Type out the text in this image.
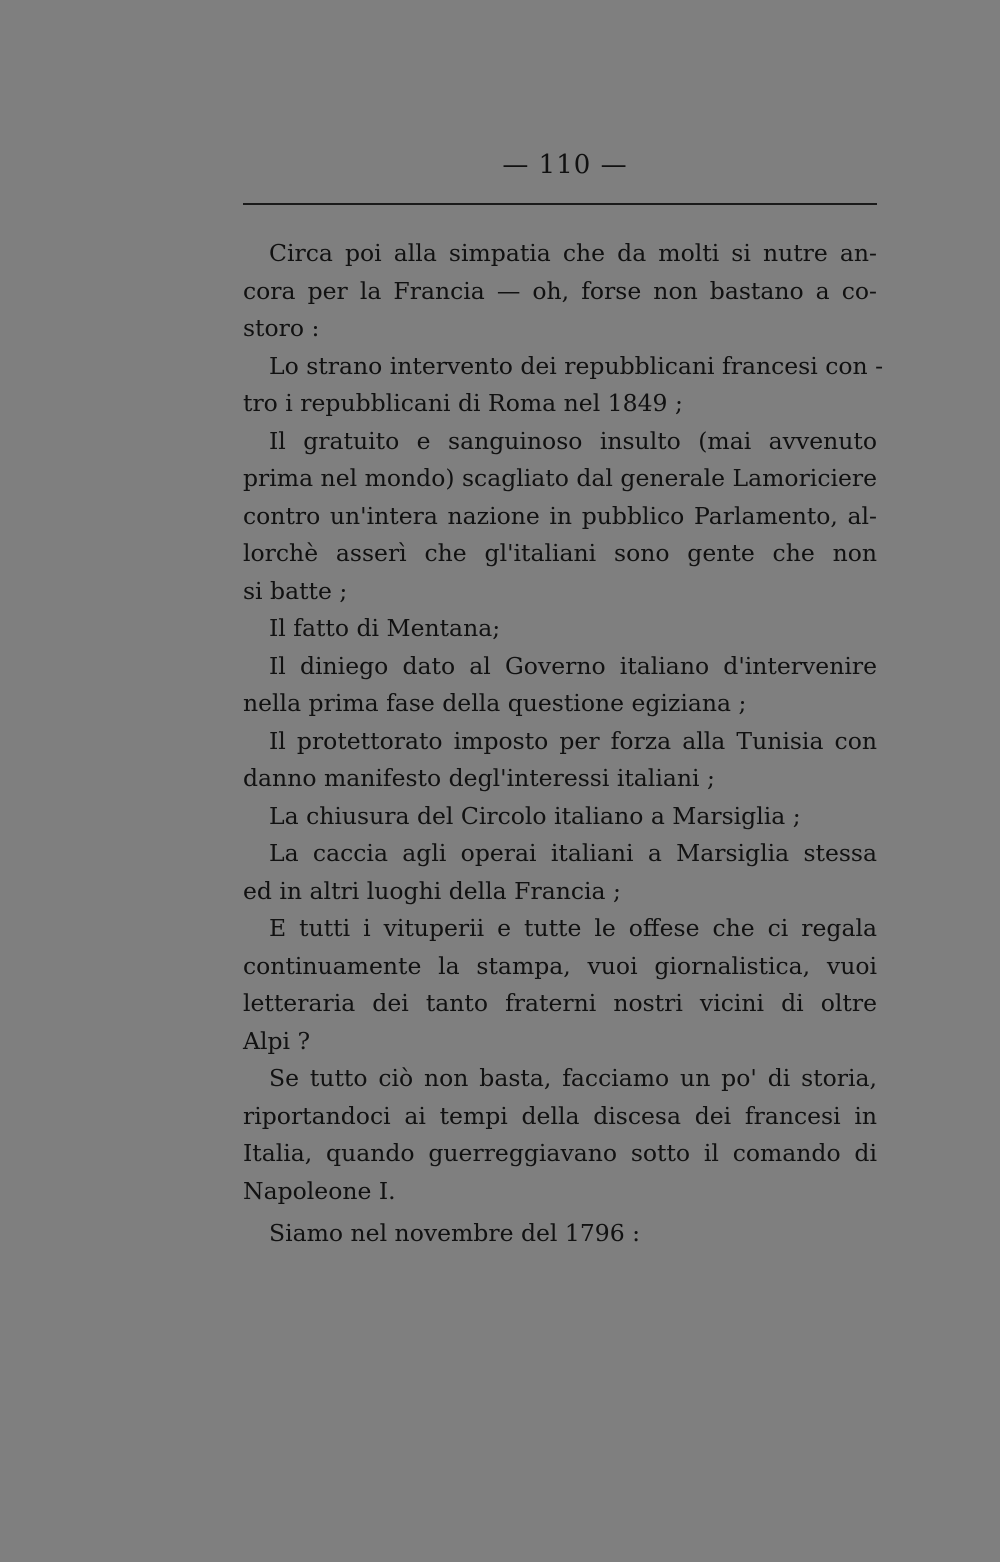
— 110 —
Circa poi alla simpatia che da molti si nutre an-
cora per la Francia — oh, forse non bastano a co-
storo :
Lo strano intervento dei repubblicani francesi con -
tro i repubblicani di Roma nel 1849 ;
Il gratuito e sanguinoso insulto (mai avvenuto
prima nel mondo) scagliato dal generale Lamoriciere
contro un'intera nazione in pubblico Parlamento, al-
lorchè asserì che gl'italiani sono gente che non
si batte ;
Il fatto di Mentana;
Il diniego dato al Governo italiano d'intervenire
nella prima fase della questione egiziana ;
Il protettorato imposto per forza alla Tunisia con
danno manifesto degl'interessi italiani ;
La chiusura del Circolo italiano a Marsiglia ;
La caccia agli operai italiani a Marsiglia stessa
ed in altri luoghi della Francia ;
E tutti i vituperii e tutte le offese che ci regala
continuamente la stampa, vuoi giornalistica, vuoi
letteraria dei tanto fraterni nostri vicini di oltre
Alpi ?
Se tutto ciò non basta, facciamo un po' di storia,
riportandoci ai tempi della discesa dei francesi in
Italia, quando guerreggiavano sotto il comando di
Napoleone I.
Siamo nel novembre del 1796 :
